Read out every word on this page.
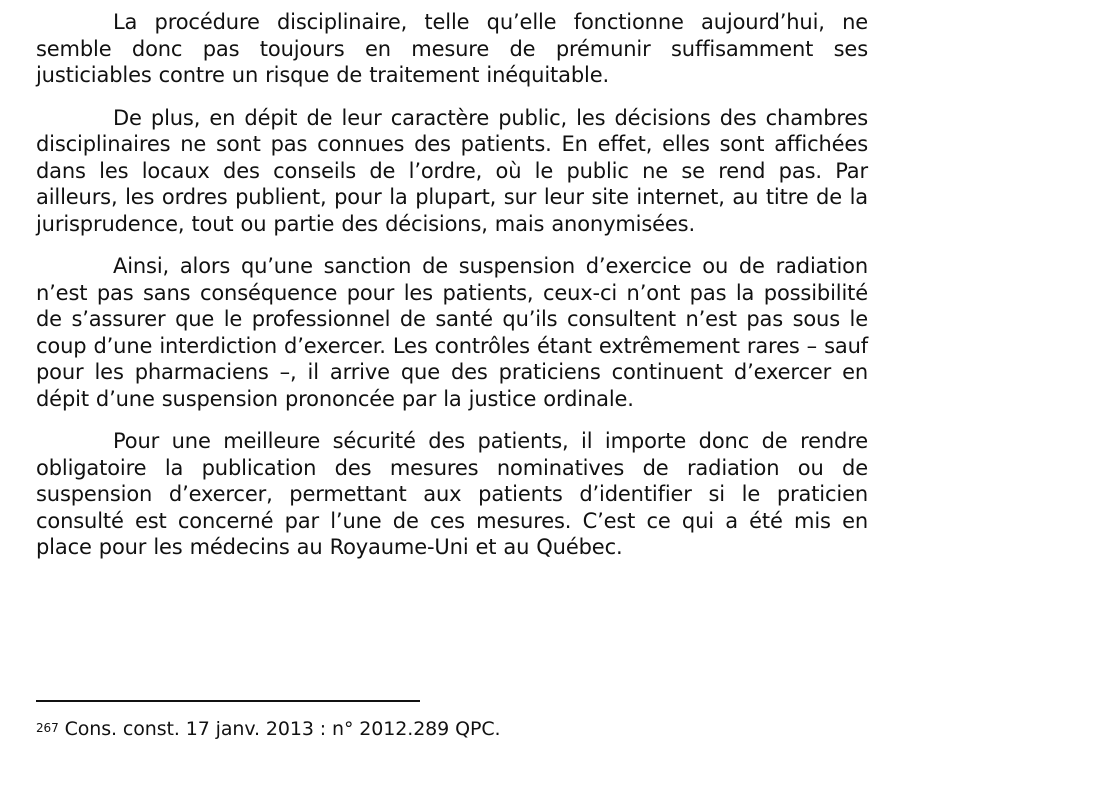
La procédure disciplinaire, telle qu’elle fonctionne aujourd’hui, ne semble donc pas toujours en mesure de prémunir suffisamment ses justiciables contre un risque de traitement inéquitable.

De plus, en dépit de leur caractère public, les décisions des chambres disciplinaires ne sont pas connues des patients. En effet, elles sont affichées dans les locaux des conseils de l’ordre, où le public ne se rend pas. Par ailleurs, les ordres publient, pour la plupart, sur leur site internet, au titre de la jurisprudence, tout ou partie des décisions, mais anonymisées.

Ainsi, alors qu’une sanction de suspension d’exercice ou de radiation n’est pas sans conséquence pour les patients, ceux-ci n’ont pas la possibilité de s’assurer que le professionnel de santé qu’ils consultent n’est pas sous le coup d’une interdiction d’exercer. Les contrôles étant extrêmement rares – sauf pour les pharmaciens –, il arrive que des praticiens continuent d’exercer en dépit d’une suspension prononcée par la justice ordinale.

Pour une meilleure sécurité des patients, il importe donc de rendre obligatoire la publication des mesures nominatives de radiation ou de suspension d’exercer, permettant aux patients d’identifier si le praticien consulté est concerné par l’une de ces mesures. C’est ce qui a été mis en place pour les médecins au Royaume-Uni et au Québec.

$^{267}$ Cons. const. 17 janv. 2013 : n° 2012.289 QPC.
